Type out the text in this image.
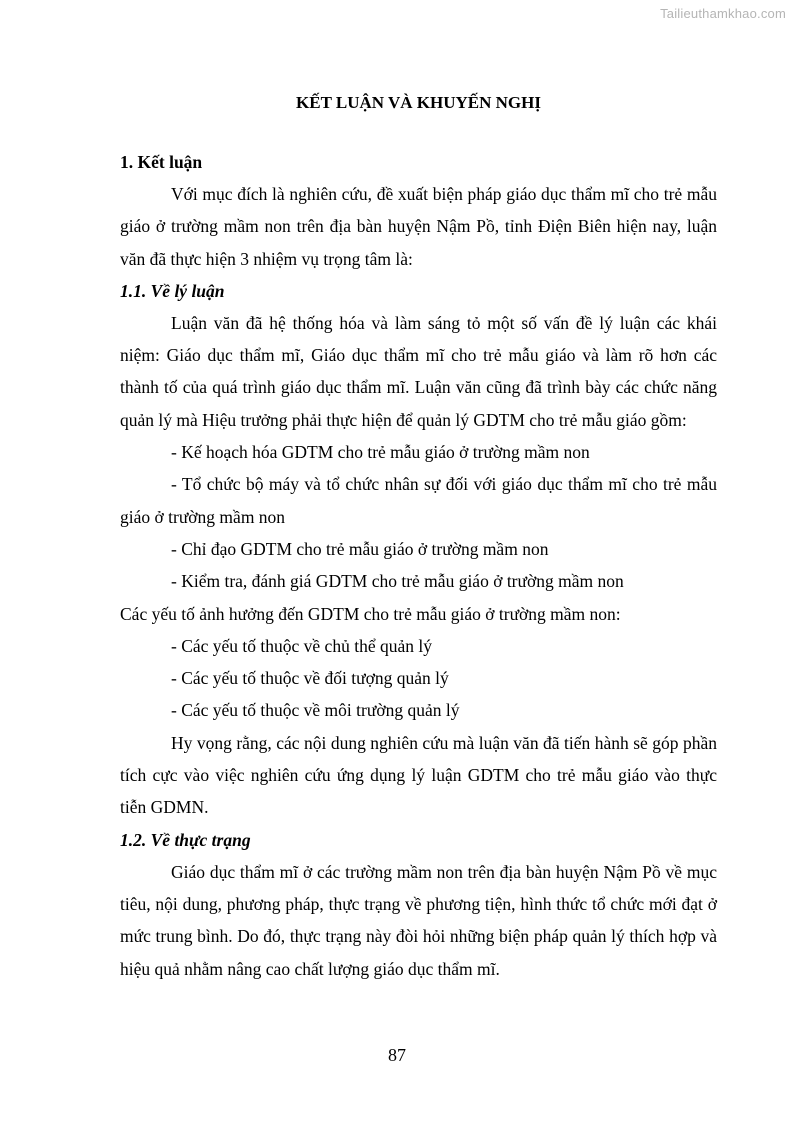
Tailieuthamkhao.com
KẾT LUẬN VÀ KHUYẾN NGHỊ
1. Kết luận

Với mục đích là nghiên cứu, đề xuất biện pháp giáo dục thẩm mĩ cho trẻ mẫu giáo ở trường mầm non trên địa bàn huyện Nậm Pồ, tỉnh Điện Biên hiện nay, luận văn đã thực hiện 3 nhiệm vụ trọng tâm là:

1.1. Về lý luận

Luận văn đã hệ thống hóa và làm sáng tỏ một số vấn đề lý luận các khái niệm: Giáo dục thẩm mĩ, Giáo dục thẩm mĩ cho trẻ mẫu giáo và làm rõ hơn các thành tố của quá trình giáo dục thẩm mĩ. Luận văn cũng đã trình bày các chức năng quản lý mà Hiệu trưởng phải thực hiện để quản lý GDTM cho trẻ mẫu giáo gồm:

- Kế hoạch hóa GDTM cho trẻ mẫu giáo ở trường mầm non

- Tổ chức bộ máy và tổ chức nhân sự đối với giáo dục thẩm mĩ cho trẻ mẫu giáo ở trường mầm non

- Chỉ đạo GDTM cho trẻ mẫu giáo ở trường mầm non

- Kiểm tra, đánh giá GDTM cho trẻ mẫu giáo ở trường mầm non

Các yếu tố ảnh hưởng đến GDTM cho trẻ mẫu giáo ở trường mầm non:

- Các yếu tố thuộc về chủ thể quản lý

- Các yếu tố thuộc về đối tượng quản lý

- Các yếu tố thuộc về môi trường quản lý

Hy vọng rằng, các nội dung nghiên cứu mà luận văn đã tiến hành sẽ góp phần tích cực vào việc nghiên cứu ứng dụng lý luận GDTM cho trẻ mẫu giáo vào thực tiễn GDMN.

1.2. Về thực trạng

Giáo dục thẩm mĩ ở các trường mầm non trên địa bàn huyện Nậm Pồ về mục tiêu, nội dung, phương pháp, thực trạng về phương tiện, hình thức tổ chức mới đạt ở mức trung bình. Do đó, thực trạng này đòi hỏi những biện pháp quản lý thích hợp và hiệu quả nhằm nâng cao chất lượng giáo dục thẩm mĩ.

87
